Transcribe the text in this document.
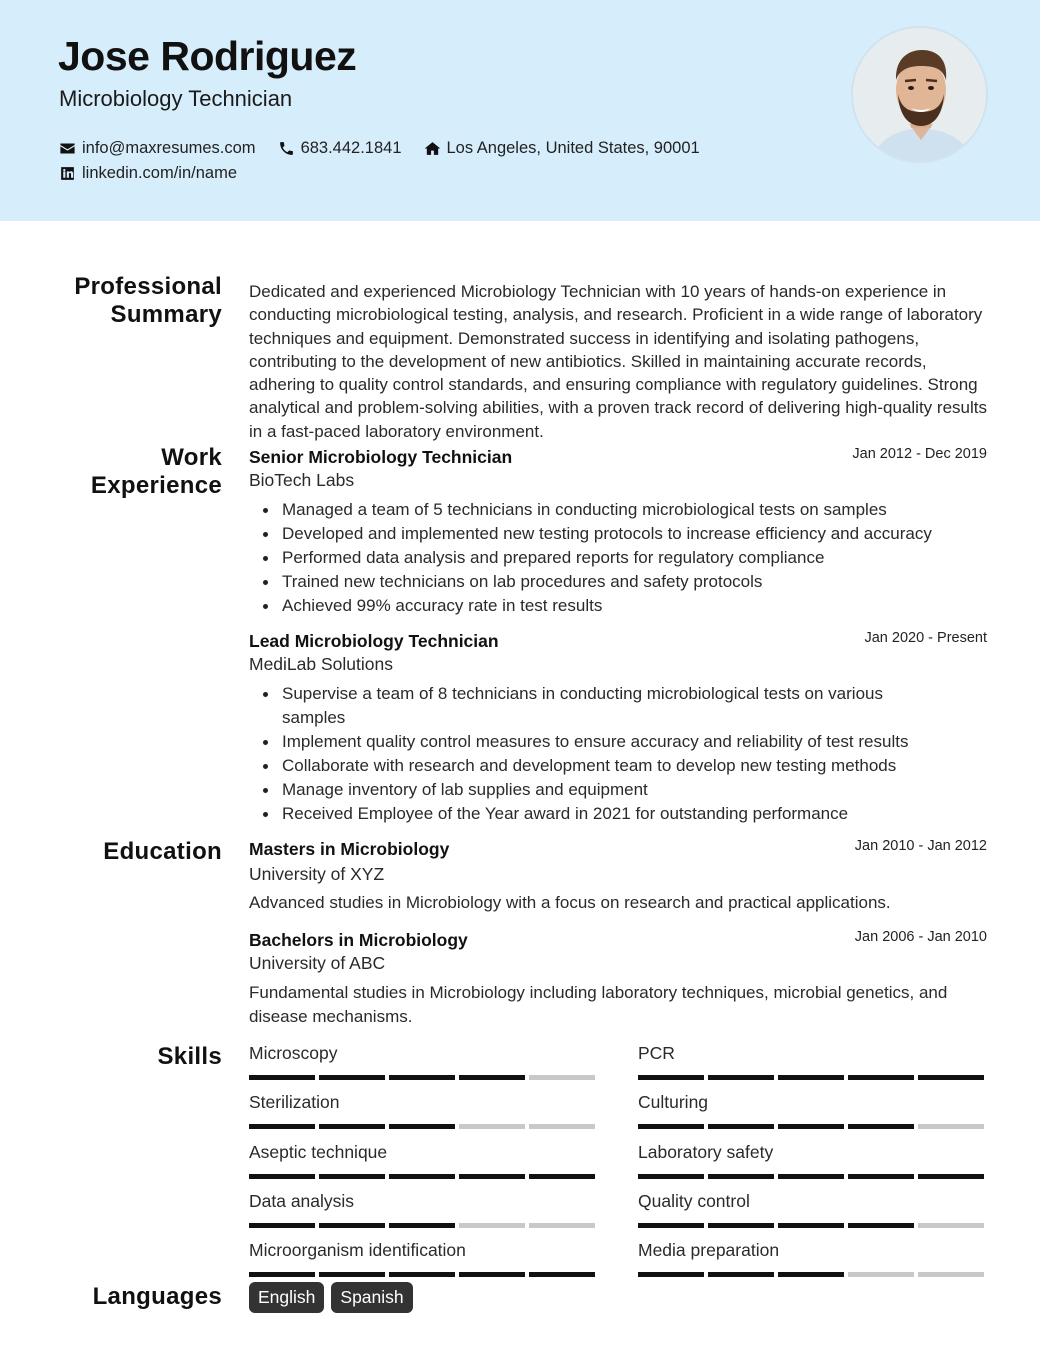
Jose Rodriguez
Microbiology Technician
info@maxresumes.com	683.442.1841	Los Angeles, United States, 90001
linkedin.com/in/name
Professional Summary
Dedicated and experienced Microbiology Technician with 10 years of hands-on experience in conducting microbiological testing, analysis, and research. Proficient in a wide range of laboratory techniques and equipment. Demonstrated success in identifying and isolating pathogens, contributing to the development of new antibiotics. Skilled in maintaining accurate records, adhering to quality control standards, and ensuring compliance with regulatory guidelines. Strong analytical and problem-solving abilities, with a proven track record of delivering high-quality results in a fast-paced laboratory environment.
Work
Experience
Senior Microbiology Technician	Jan 2012 - Dec 2019
BioTech Labs
Managed a team of 5 technicians in conducting microbiological tests on samples
Developed and implemented new testing protocols to increase efficiency and accuracy
Performed data analysis and prepared reports for regulatory compliance
Trained new technicians on lab procedures and safety protocols
Achieved 99% accuracy rate in test results
Lead Microbiology Technician	Jan 2020 - Present
MediLab Solutions
Supervise a team of 8 technicians in conducting microbiological tests on various samples
Implement quality control measures to ensure accuracy and reliability of test results
Collaborate with research and development team to develop new testing methods
Manage inventory of lab supplies and equipment
Received Employee of the Year award in 2021 for outstanding performance
Education Masters in Microbiology	Jan 2010 - Jan 2012
University of XYZ
Advanced studies in Microbiology with a focus on research and practical applications.
Bachelors in Microbiology	Jan 2006 - Jan 2010
University of ABC
Fundamental studies in Microbiology including laboratory techniques, microbial genetics, and disease mechanisms.
Skills Microscopy	PCR
Sterilization	Culturing
Aseptic technique	Laboratory safety
Data analysis	Quality control
Microorganism identification	Media preparation
Languages	English	Spanish
